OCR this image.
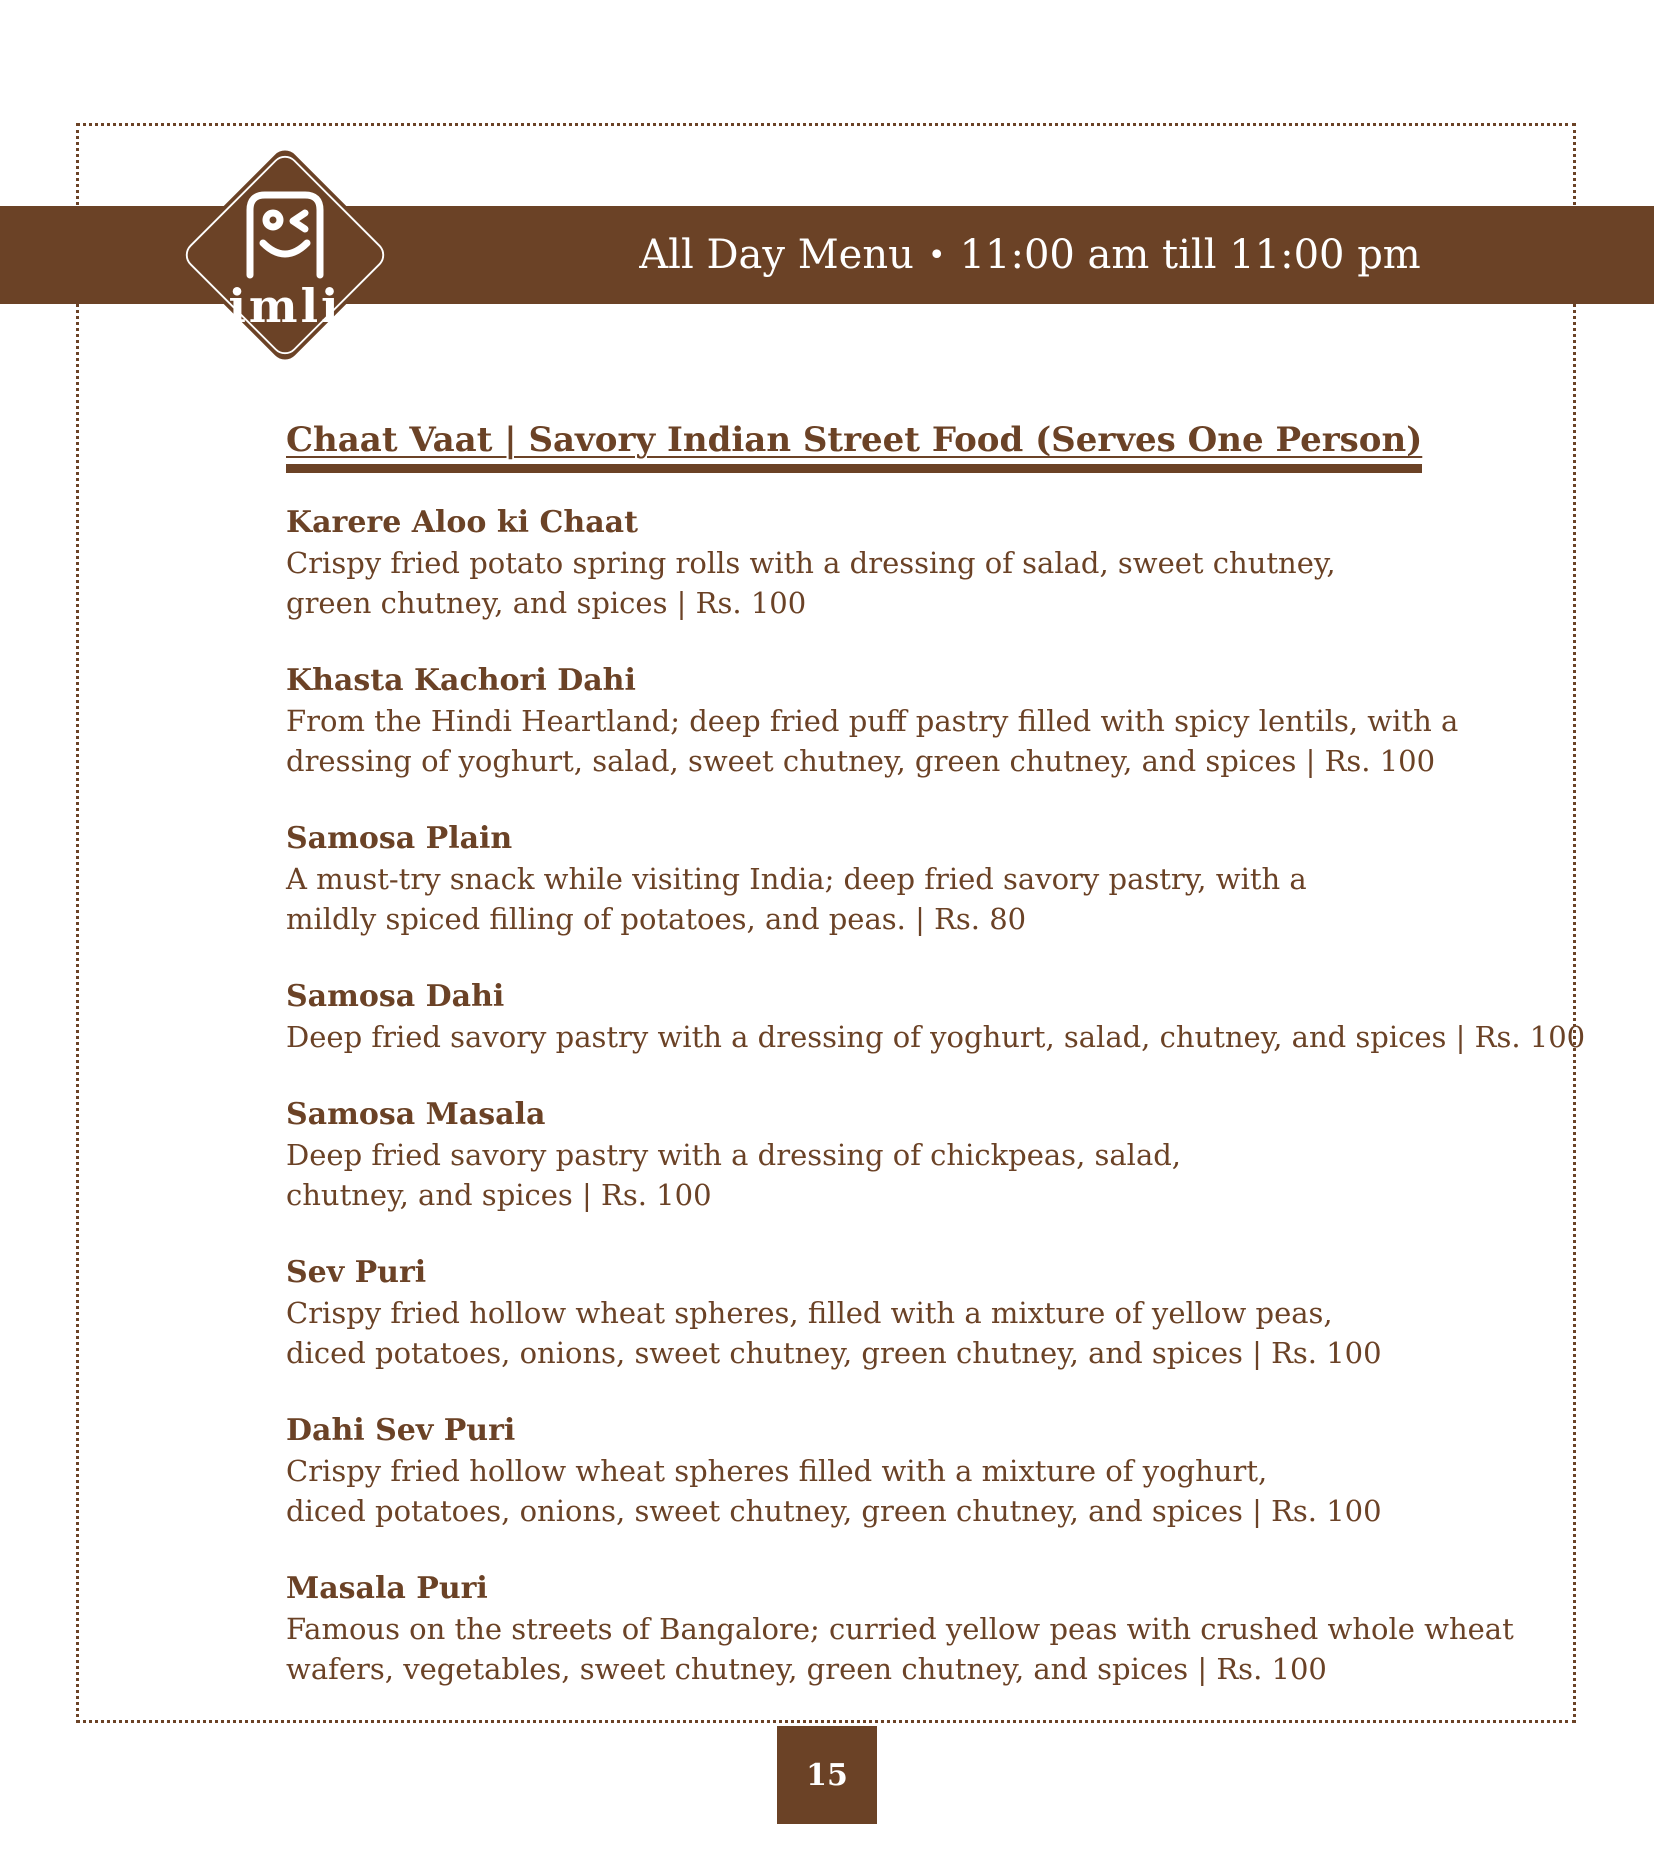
All Day Menu • 11:00 am till 11:00 pm
imli
Chaat Vaat | Savory Indian Street Food (Serves One Person)
Karere Aloo ki Chaat
Crispy fried potato spring rolls with a dressing of salad, sweet chutney,
green chutney, and spices | Rs. 100
Khasta Kachori Dahi
From the Hindi Heartland; deep fried puff pastry filled with spicy lentils, with a
dressing of yoghurt, salad, sweet chutney, green chutney, and spices | Rs. 100
Samosa Plain
A must-try snack while visiting India; deep fried savory pastry, with a
mildly spiced filling of potatoes, and peas. | Rs. 80
Samosa Dahi
Deep fried savory pastry with a dressing of yoghurt, salad, chutney, and spices | Rs. 100
Samosa Masala
Deep fried savory pastry with a dressing of chickpeas, salad,
chutney, and spices | Rs. 100
Sev Puri
Crispy fried hollow wheat spheres, filled with a mixture of yellow peas,
diced potatoes, onions, sweet chutney, green chutney, and spices | Rs. 100
Dahi Sev Puri
Crispy fried hollow wheat spheres filled with a mixture of yoghurt,
diced potatoes, onions, sweet chutney, green chutney, and spices | Rs. 100
Masala Puri
Famous on the streets of Bangalore; curried yellow peas with crushed whole wheat
wafers, vegetables, sweet chutney, green chutney, and spices | Rs. 100
15
